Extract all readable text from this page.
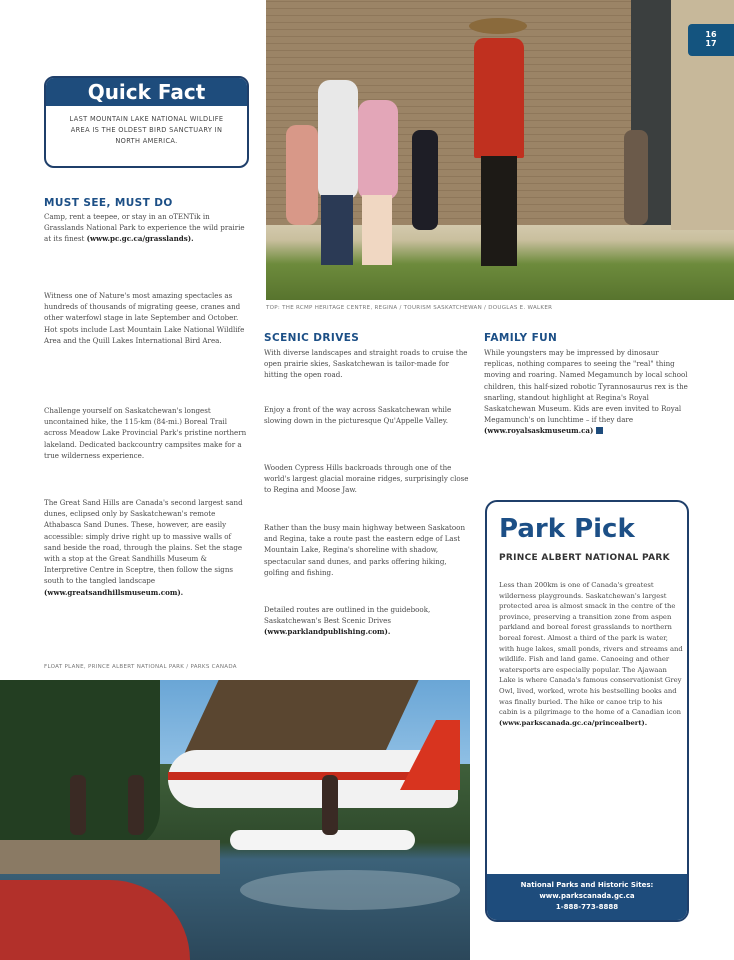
TOP: THE RCMP HERITAGE CENTRE, REGINA / TOURISM SASKATCHEWAN / DOUGLAS E. WALKER
16
17
Quick Fact
LAST MOUNTAIN LAKE NATIONAL WILDLIFE AREA IS THE OLDEST BIRD SANCTUARY IN NORTH AMERICA.
MUST SEE, MUST DO

Camp, rent a teepee, or stay in an oTENTik in Grasslands National Park to experience the wild prairie at its finest (www.pc.gc.ca/grasslands).

Witness one of Nature's most amazing spectacles as hundreds of thousands of migrating geese, cranes and other waterfowl stage in late September and October. Hot spots include Last Mountain Lake National Wildlife Area and the Quill Lakes International Bird Area.

Challenge yourself on Saskatchewan's longest uncontained hike, the 115-km (84-mi.) Boreal Trail across Meadow Lake Provincial Park's pristine northern lakeland. Dedicated backcountry campsites make for a true wilderness experience.

The Great Sand Hills are Canada's second largest sand dunes, eclipsed only by Saskatchewan's remote Athabasca Sand Dunes. These, however, are easily accessible: simply drive right up to massive walls of sand beside the road, through the plains. Set the stage with a stop at the Great Sandhills Museum & Interpretive Centre in Sceptre, then follow the signs south to the tangled landscape (www.greatsandhillsmuseum.com).

SCENIC DRIVES

With diverse landscapes and straight roads to cruise the open prairie skies, Saskatchewan is tailor-made for hitting the open road.

Enjoy a front of the way across Saskatchewan while slowing down in the picturesque Qu'Appelle Valley.

Wooden Cypress Hills backroads through one of the world's largest glacial moraine ridges, surprisingly close to Regina and Moose Jaw.

Rather than the busy main highway between Saskatoon and Regina, take a route past the eastern edge of Last Mountain Lake, Regina's shoreline with shadow, spectacular sand dunes, and parks offering hiking, golfing and fishing.

Detailed routes are outlined in the guidebook, Saskatchewan's Best Scenic Drives (www.parklandpublishing.com).

FAMILY FUN

While youngsters may be impressed by dinosaur replicas, nothing compares to seeing the "real" thing moving and roaring. Named Megamunch by local school children, this half-sized robotic Tyrannosaurus rex is the snarling, standout highlight at Regina's Royal Saskatchewan Museum. Kids are even invited to Royal Megamunch's on lunchtime – if they dare (www.royalsaskmuseum.ca)

FLOAT PLANE, PRINCE ALBERT NATIONAL PARK / PARKS CANADA
Park Pick
PRINCE ALBERT NATIONAL PARK

Less than 200km is one of Canada's greatest wilderness playgrounds. Saskatchewan's largest protected area is almost smack in the centre of the province, preserving a transition zone from aspen parkland and boreal forest grasslands to northern boreal forest. Almost a third of the park is water, with huge lakes, small ponds, rivers and streams and wildlife. Fish and land game. Canoeing and other watersports are especially popular. The Ajawaan Lake is where Canada's famous conservationist Grey Owl, lived, worked, wrote his bestselling books and was finally buried. The hike or canoe trip to his cabin is a pilgrimage to the home of a Canadian icon (www.parkscanada.gc.ca/princealbert).

National Parks and Historic Sites:
www.parkscanada.gc.ca
1-888-773-8888
